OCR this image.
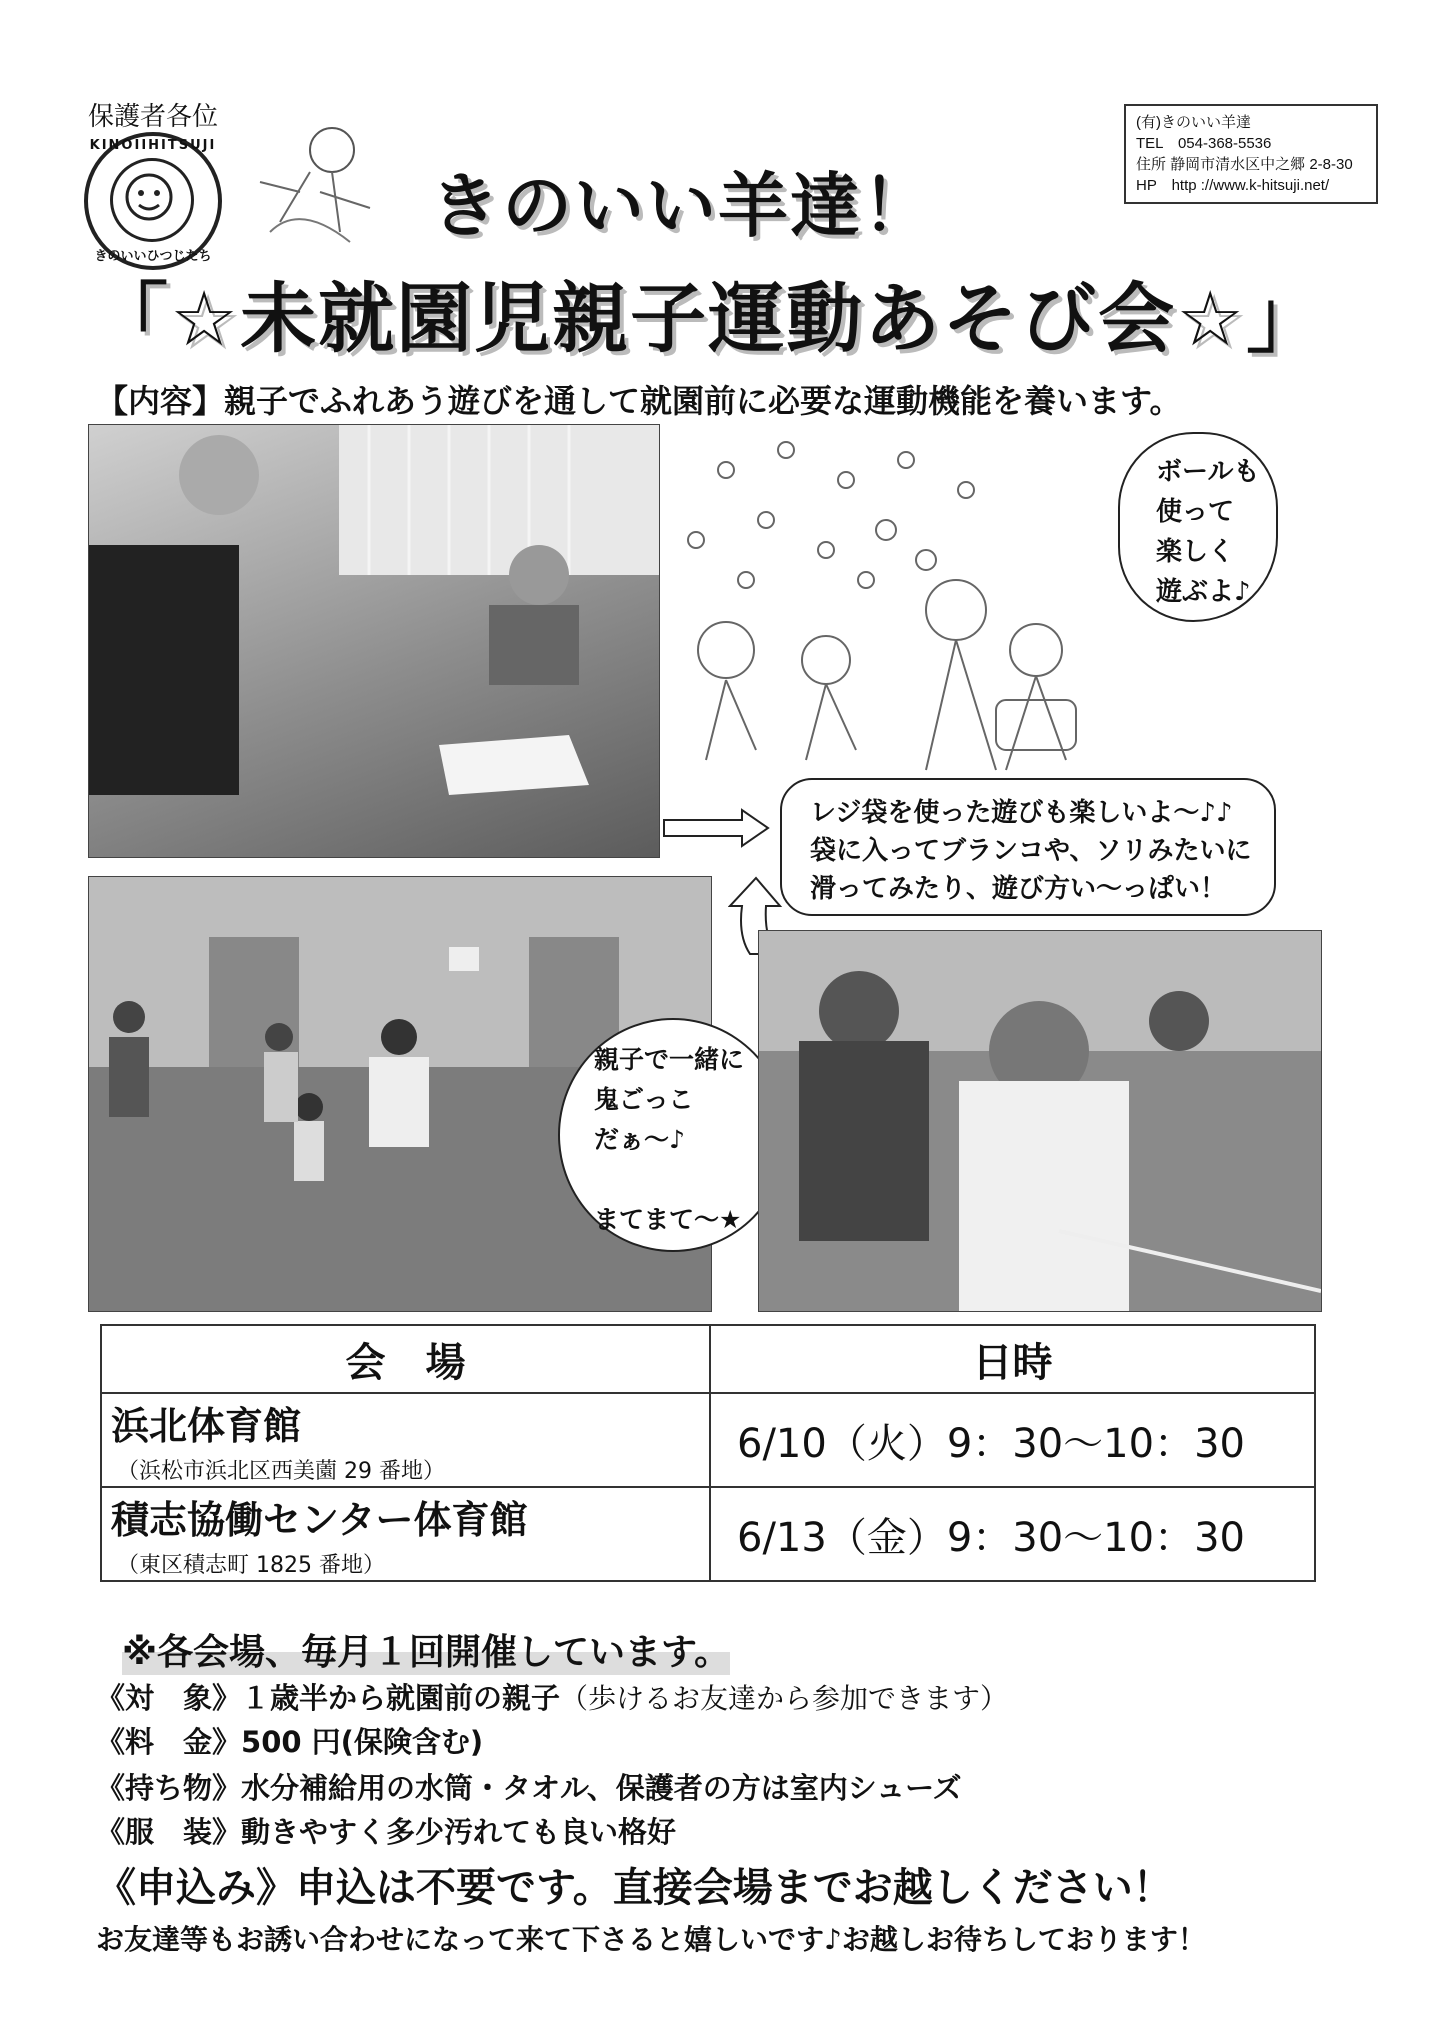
保護者各位
KINOIIHITSUJI
きのいいひつじたち
(有)きのいい羊達
TEL　054-368-5536
住所 静岡市清水区中之郷 2-8-30
HP　http ://www.k-hitsuji.net/
きのいい羊達！
「☆未就園児親子運動あそび会☆」
【内容】親子でふれあう遊びを通して就園前に必要な運動機能を養います。
ボールも
使って
楽しく
遊ぶよ♪
レジ袋を使った遊びも楽しいよ～♪♪
袋に入ってブランコや、ソリみたいに
滑ってみたり、遊び方い～っぱい！
親子で一緒に
鬼ごっこ
だぁ～♪
まてまて～★
会　場	日時

浜北体育館
（浜松市浜北区西美薗 29 番地）	6/10（火）9：30～10：30

積志協働センター体育館
（東区積志町 1825 番地）	6/13（金）9：30～10：30
※各会場、毎月１回開催しています。
《対　象》１歳半から就園前の親子（歩けるお友達から参加できます）
《料　金》500 円(保険含む)
《持ち物》水分補給用の水筒・タオル、保護者の方は室内シューズ
《服　装》動きやすく多少汚れても良い格好
《申込み》申込は不要です。直接会場までお越しください！
お友達等もお誘い合わせになって来て下さると嬉しいです♪お越しお待ちしております！
